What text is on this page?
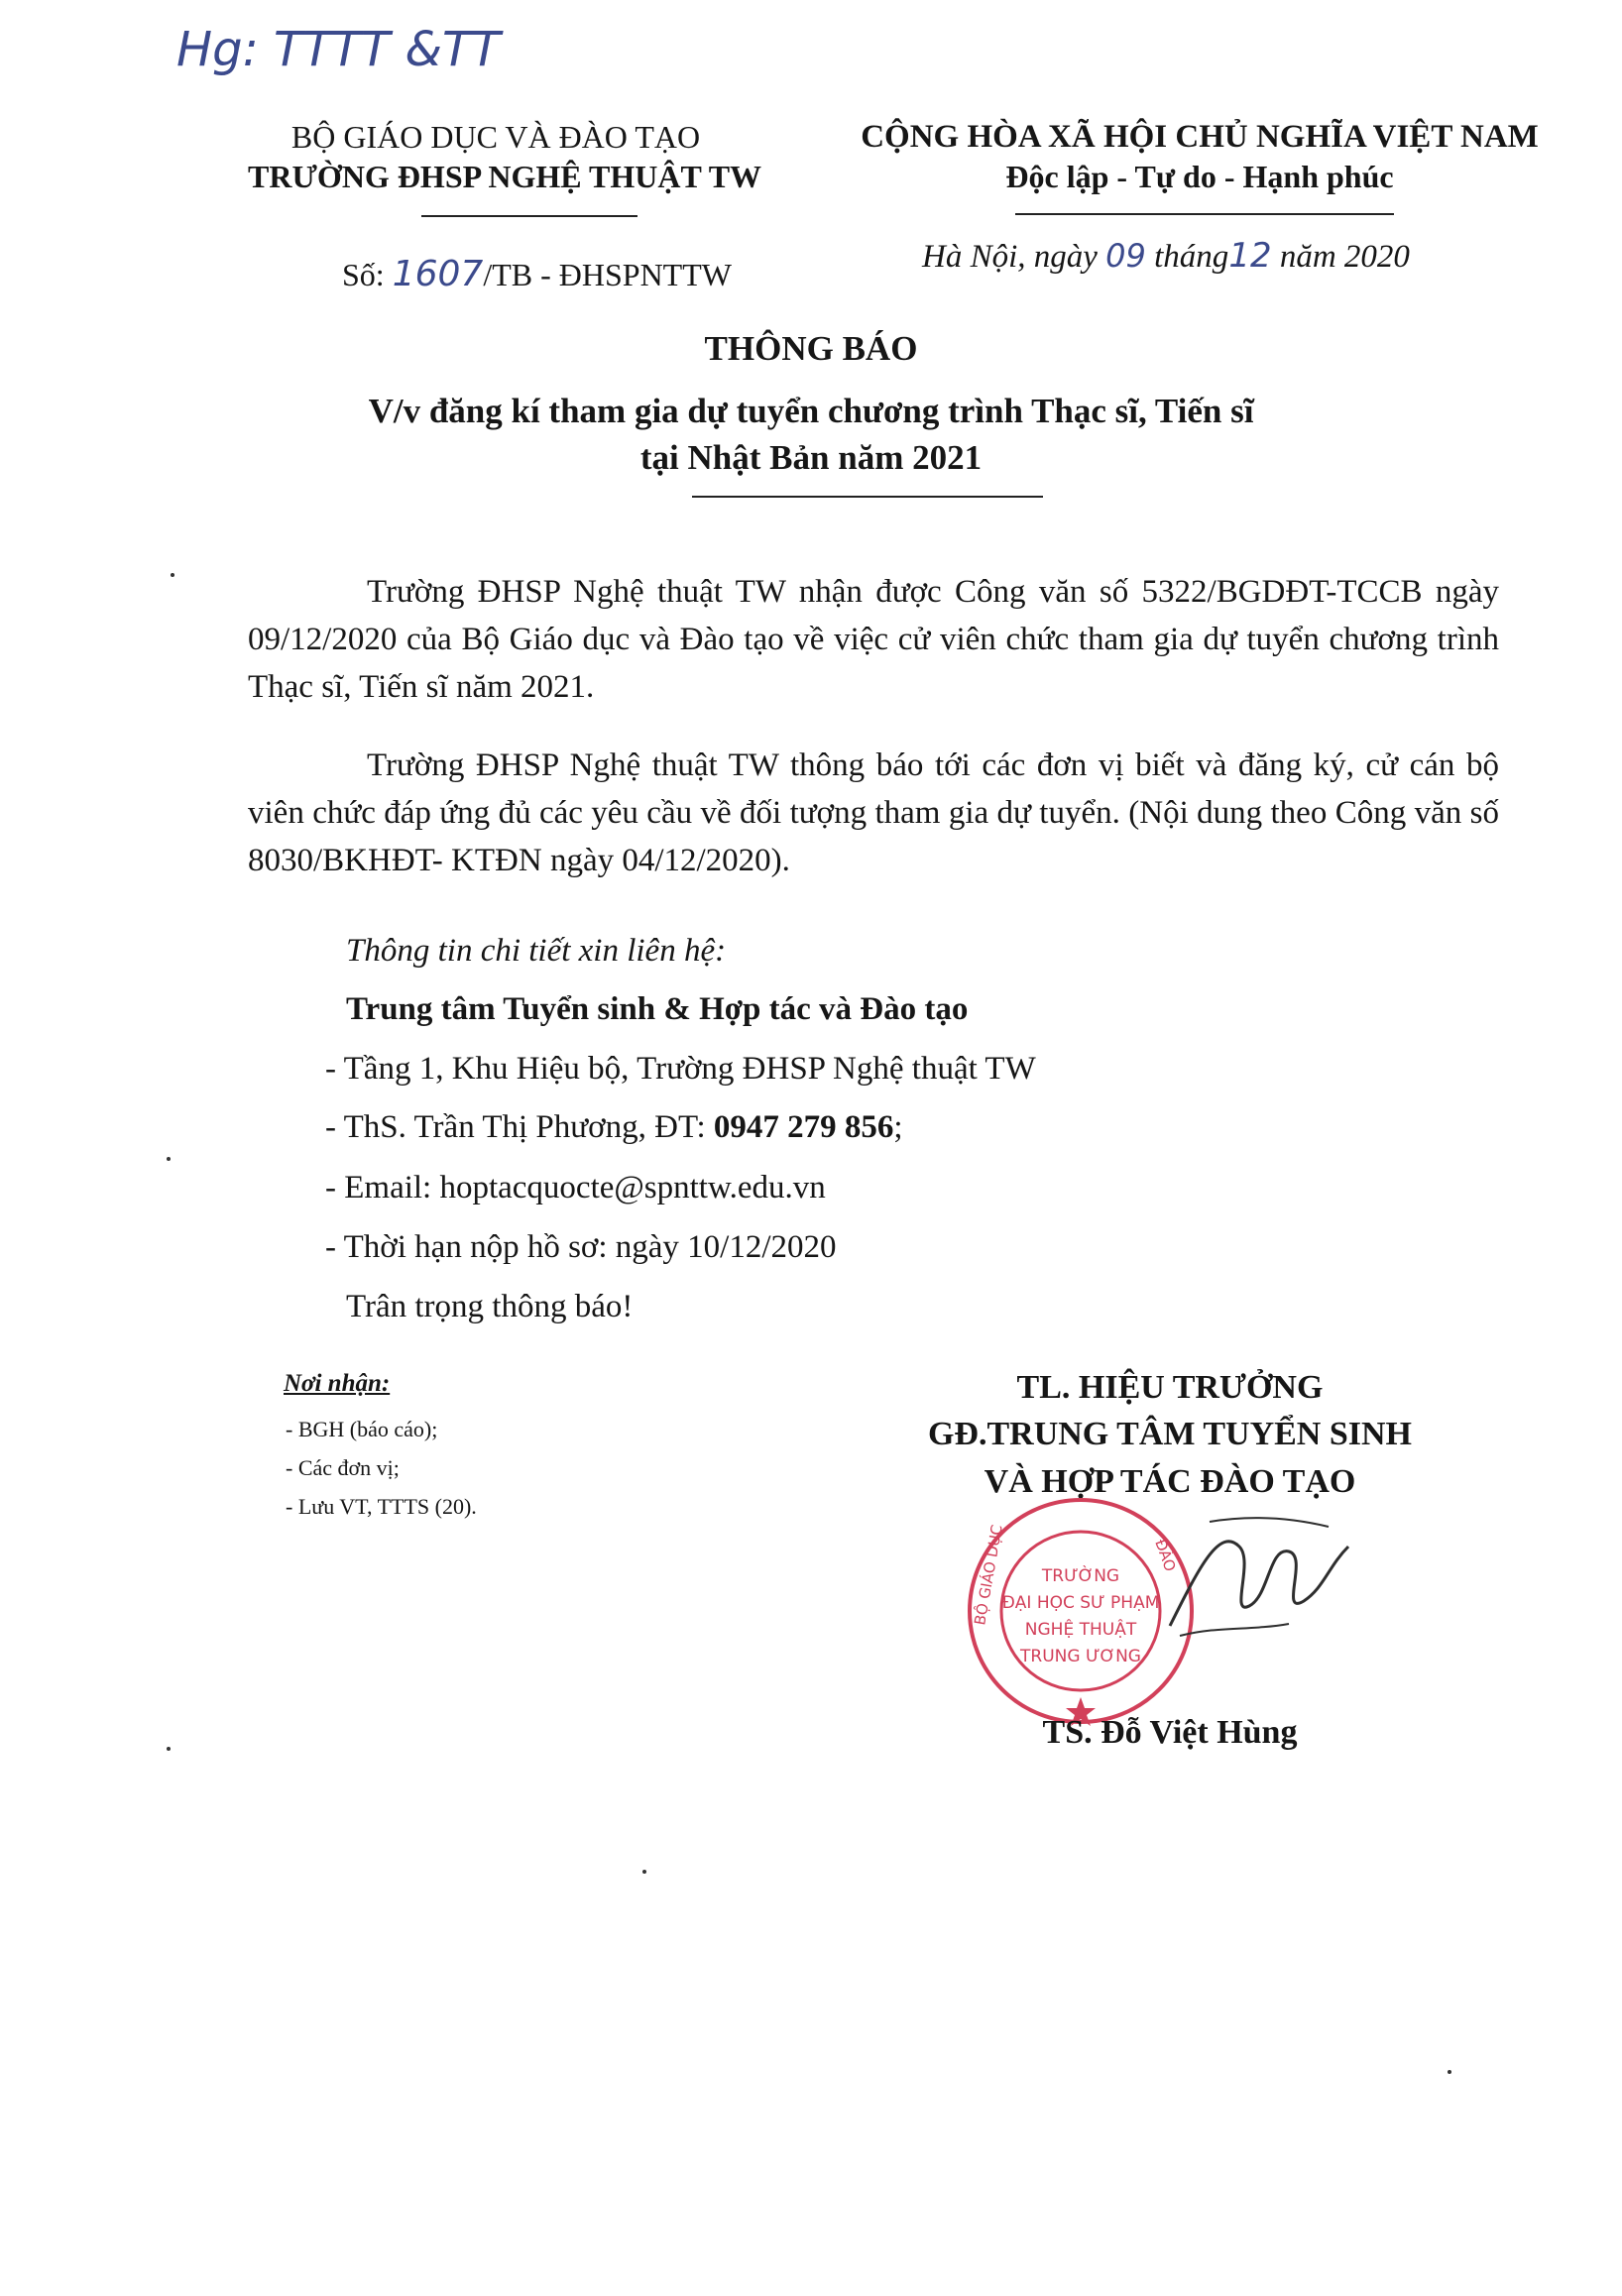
Hg: TTTT &TT
BỘ GIÁO DỤC VÀ ĐÀO TẠO
TRƯỜNG ĐHSP NGHỆ THUẬT TW
CỘNG HÒA XÃ HỘI CHỦ NGHĨA VIỆT NAM
Độc lập - Tự do - Hạnh phúc
Số: 1607/TB - ĐHSPNTTW	Hà Nội, ngày 09 tháng12 năm 2020
THÔNG BÁO
V/v đăng kí tham gia dự tuyển chương trình Thạc sĩ, Tiến sĩ
tại Nhật Bản năm 2021
Trường ĐHSP Nghệ thuật TW nhận được Công văn số 5322/BGDĐT-TCCB ngày 09/12/2020 của Bộ Giáo dục và Đào tạo về việc cử viên chức tham gia dự tuyển chương trình Thạc sĩ, Tiến sĩ năm 2021.
Trường ĐHSP Nghệ thuật TW thông báo tới các đơn vị biết và đăng ký, cử cán bộ viên chức đáp ứng đủ các yêu cầu về đối tượng tham gia dự tuyển. (Nội dung theo Công văn số 8030/BKHĐT- KTĐN ngày 04/12/2020).
Thông tin chi tiết xin liên hệ:
Trung tâm Tuyển sinh & Hợp tác và Đào tạo
- Tầng 1, Khu Hiệu bộ, Trường ĐHSP Nghệ thuật TW
- ThS. Trần Thị Phương, ĐT: 0947 279 856;
- Email: hoptacquocte@spnttw.edu.vn
- Thời hạn nộp hồ sơ: ngày 10/12/2020
Trân trọng thông báo!
Nơi nhận:
- BGH (báo cáo);
- Các đơn vị;
- Lưu VT, TTTS (20).
TL. HIỆU TRƯỞNG
GĐ.TRUNG TÂM TUYỂN SINH
VÀ HỢP TÁC ĐÀO TẠO
TRƯỜNG
ĐẠI HỌC SƯ PHẠM
NGHỆ THUẬT
TRUNG ƯƠNG
BỘ GIÁO DỤC	ĐÀO
TS. Đỗ Việt Hùng
